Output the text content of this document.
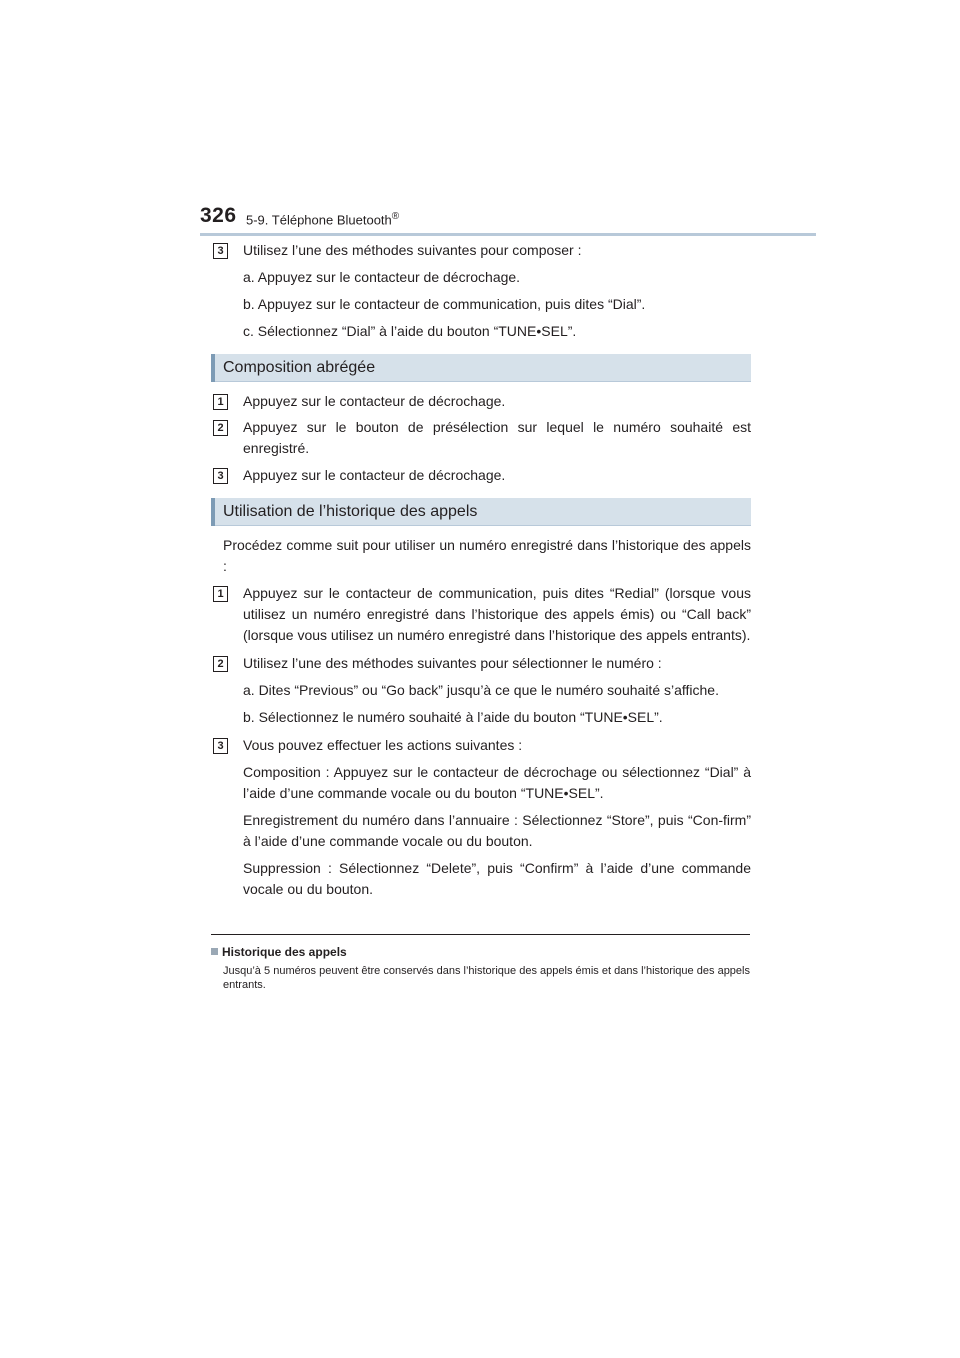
326 5-9. Téléphone Bluetooth®
3	Utilisez l’une des méthodes suivantes pour composer :
a. Appuyez sur le contacteur de décrochage.
b. Appuyez sur le contacteur de communication, puis dites “Dial”.
c. Sélectionnez “Dial” à l’aide du bouton “TUNE•SEL”.
Composition abrégée
1	Appuyez sur le contacteur de décrochage.
2	Appuyez sur le bouton de présélection sur lequel le numéro souhaité est enregistré.
3	Appuyez sur le contacteur de décrochage.
Utilisation de l’historique des appels
Procédez comme suit pour utiliser un numéro enregistré dans l’historique des appels :
1	Appuyez sur le contacteur de communication, puis dites “Redial” (lorsque vous utilisez un numéro enregistré dans l’historique des appels émis) ou “Call back” (lorsque vous utilisez un numéro enregistré dans l’historique des appels entrants).
2	Utilisez l’une des méthodes suivantes pour sélectionner le numéro :
a. Dites “Previous” ou “Go back” jusqu’à ce que le numéro souhaité s’affiche.
b. Sélectionnez le numéro souhaité à l’aide du bouton “TUNE•SEL”.
3	Vous pouvez effectuer les actions suivantes :
Composition : Appuyez sur le contacteur de décrochage ou sélectionnez “Dial” à l’aide d’une commande vocale ou du bouton “TUNE•SEL”.
Enregistrement du numéro dans l’annuaire : Sélectionnez “Store”, puis “Con-firm” à l’aide d’une commande vocale ou du bouton.
Suppression : Sélectionnez “Delete”, puis “Confirm” à l’aide d’une commande vocale ou du bouton.
Historique des appels
Jusqu’à 5 numéros peuvent être conservés dans l’historique des appels émis et dans l’historique des appels entrants.
